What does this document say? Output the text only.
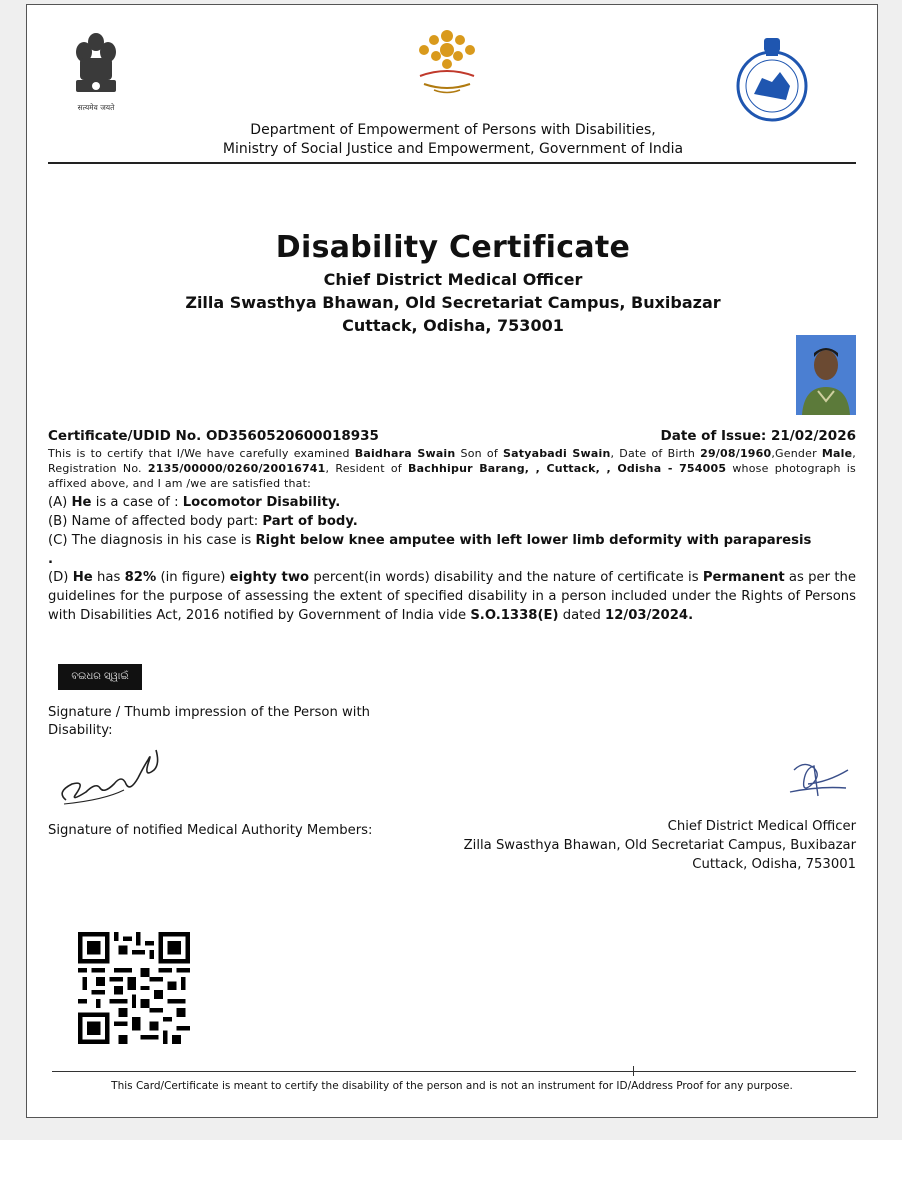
सत्यमेव जयते
Department of Empowerment of Persons with Disabilities,
Ministry of Social Justice and Empowerment, Government of India
Disability Certificate
Chief District Medical Officer
Zilla Swasthya Bhawan, Old Secretariat Campus, Buxibazar
Cuttack, Odisha, 753001
Certificate/UDID No. OD3560520600018935	Date of Issue: 21/02/2026
This is to certify that I/We have carefully examined Baidhara Swain Son of Satyabadi Swain, Date of Birth 29/08/1960,Gender Male, Registration No. 2135/00000/0260/20016741, Resident of Bachhipur Barang, , Cuttack, , Odisha - 754005 whose photograph is affixed above, and I am /we are satisfied that:

(A) He is a case of : Locomotor Disability.

(B) Name of affected body part: Part of body.

(C) The diagnosis in his case is Right below knee amputee with left lower limb deformity with paraparesis
.

(D) He has 82% (in figure) eighty two percent(in words) disability and the nature of certificate is Permanent as per the guidelines for the purpose of assessing the extent of specified disability in a person included under the Rights of Persons with Disabilities Act, 2016 notified by Government of India vide S.O.1338(E) dated 12/03/2024.
ବଇଧର ସ୍ୱାଇଁ
Signature / Thumb impression of the Person with Disability:
Signature of notified Medical Authority Members:	Chief District Medical Officer
Zilla Swasthya Bhawan, Old Secretariat Campus, Buxibazar
Cuttack, Odisha, 753001
This Card/Certificate is meant to certify the disability of the person and is not an instrument for ID/Address Proof for any purpose.
